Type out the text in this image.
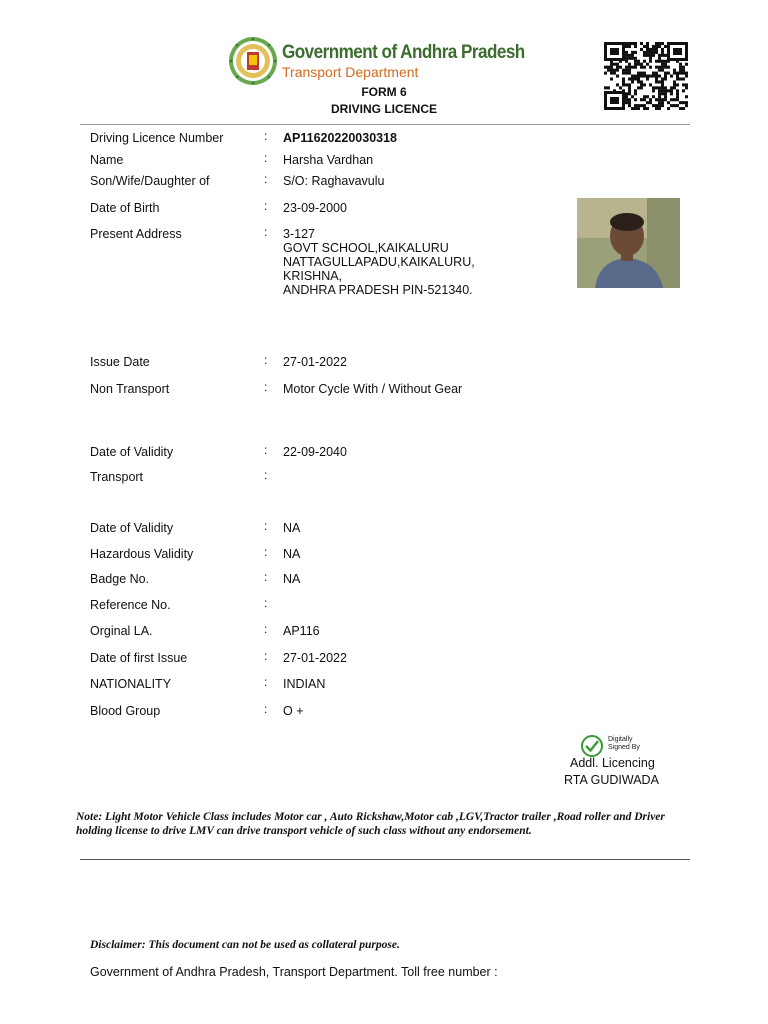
Government of Andhra Pradesh
Transport Department
FORM 6
DRIVING LICENCE
Driving Licence Number	: AP11620220030318
Name	: Harsha Vardhan
Son/Wife/Daughter of	: S/O: Raghavavulu
Date of Birth	: 23-09-2000
Present Address	: 3-127
GOVT SCHOOL,KAIKALURU
NATTAGULLAPADU,KAIKALURU,
KRISHNA,
ANDHRA PRADESH PIN-521340.
Issue Date	: 27-01-2022
Non Transport	: Motor Cycle With / Without Gear
Date of Validity	: 22-09-2040
Transport	:
Date of Validity	: NA
Hazardous Validity	: NA
Badge No.	: NA
Reference No.	:
Orginal LA.	: AP116
Date of first Issue	: 27-01-2022
NATIONALITY	: INDIAN
Blood Group	: O +
Digitally
Signed By
Addl. Licencing
RTA GUDIWADA
Note: Light Motor Vehicle Class includes Motor car , Auto Rickshaw,Motor cab ,LGV,Tractor trailer ,Road roller and Driver holding license to drive LMV can drive transport vehicle of such class without any endorsement.
Disclaimer: This document can not be used as collateral purpose.
Government of Andhra Pradesh, Transport Department. Toll free number :
